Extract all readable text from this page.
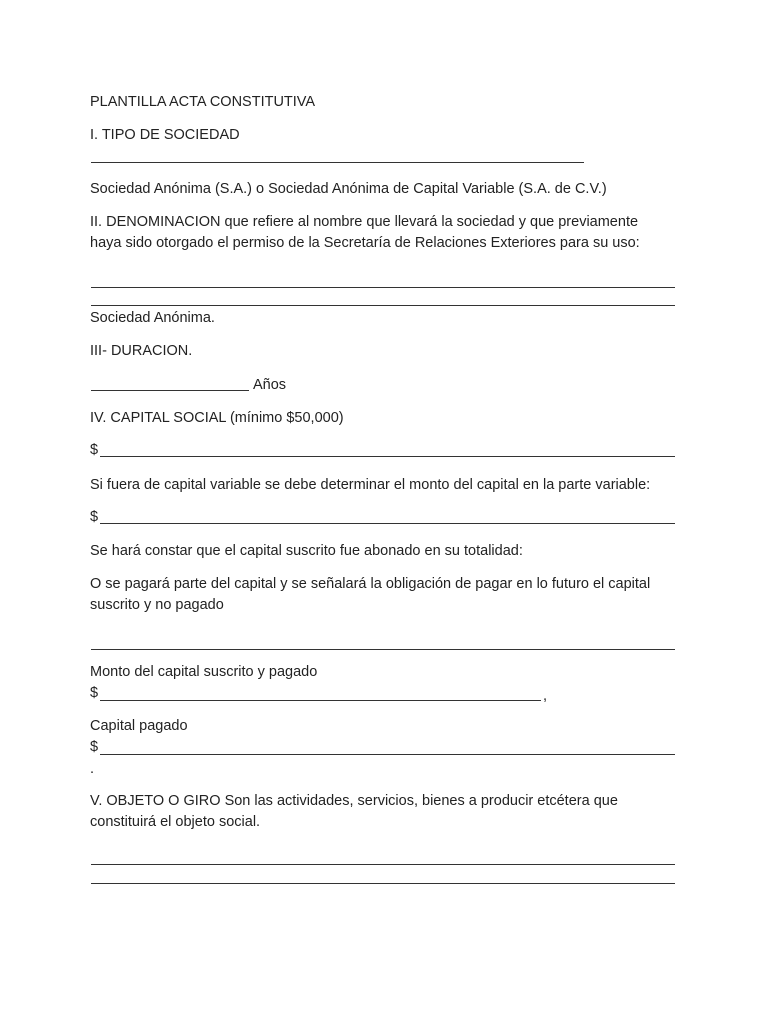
PLANTILLA ACTA CONSTITUTIVA

I. TIPO DE SOCIEDAD

Sociedad Anónima (S.A.) o Sociedad Anónima de Capital Variable (S.A. de C.V.)

II. DENOMINACION que refiere al nombre que llevará la sociedad y que previamente

haya sido otorgado el permiso de la Secretaría de Relaciones Exteriores para su uso:

Sociedad Anónima.

III- DURACION.

Años

IV. CAPITAL SOCIAL (mínimo $50,000)

$

Si fuera de capital variable se debe determinar el monto del capital en la parte variable:

$

Se hará constar que el capital suscrito fue abonado en su totalidad:

O se pagará parte del capital y se señalará la obligación de pagar en lo futuro el capital

suscrito y no pagado

Monto del capital suscrito y pagado

$	,

Capital pagado

$
.

V. OBJETO O GIRO Son las actividades, servicios, bienes a producir etcétera que

constituirá el objeto social.
